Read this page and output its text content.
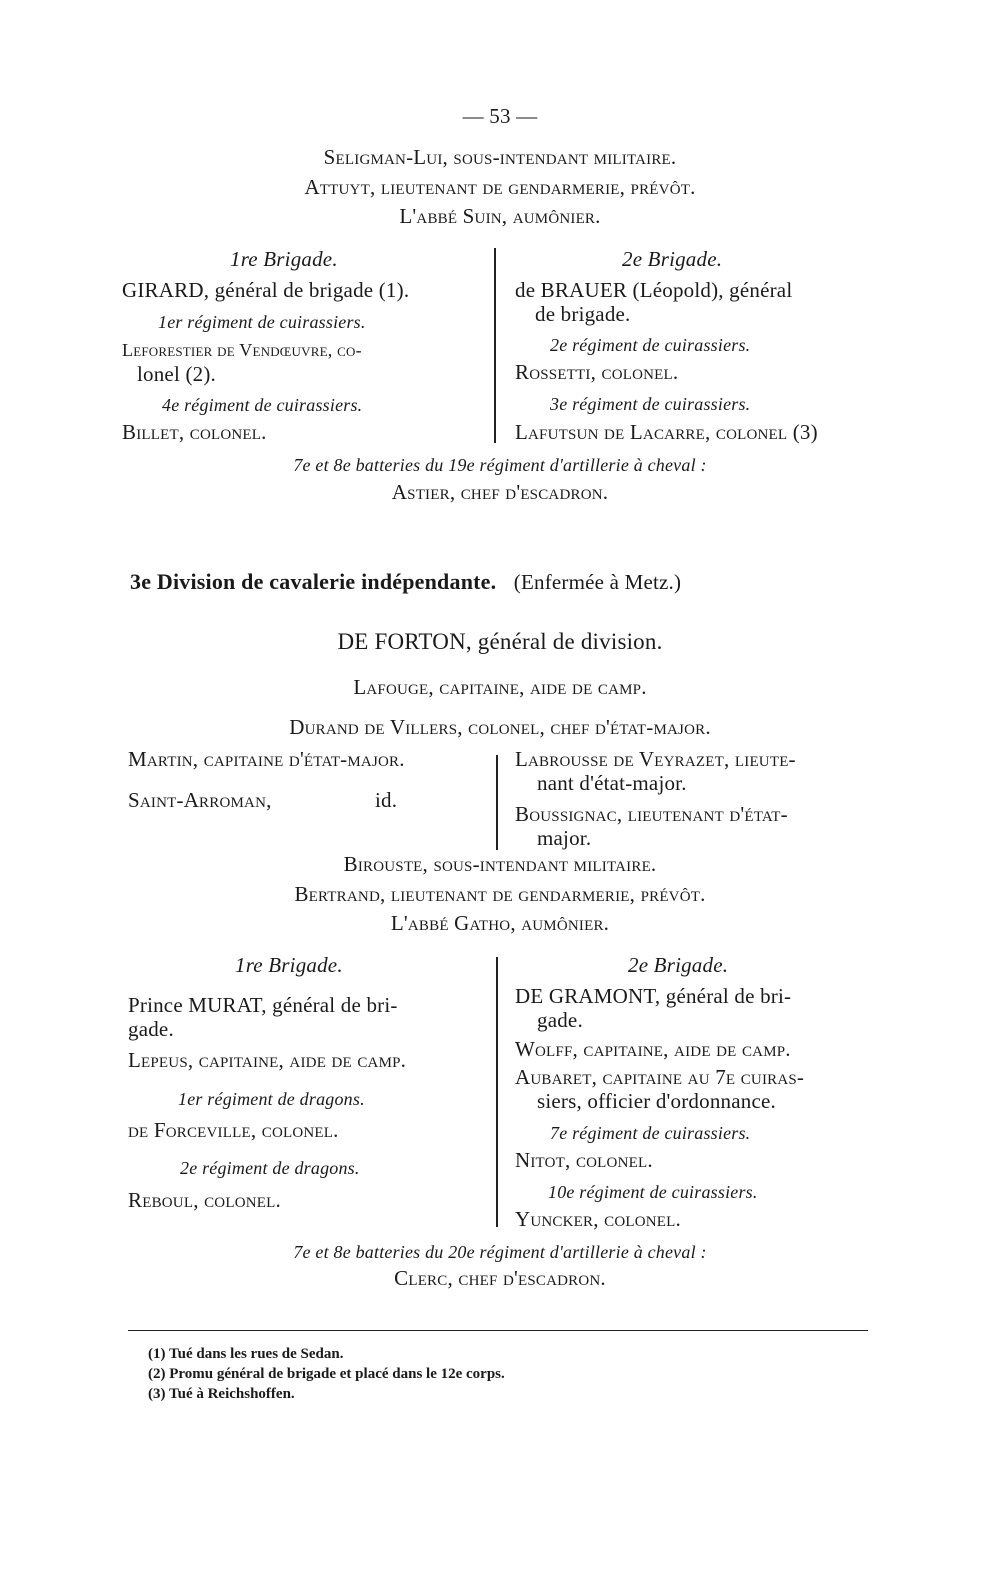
— 53 —
Seligman-Lui, sous-intendant militaire.
Attuyt, lieutenant de gendarmerie, prévôt.
L'abbé Suin, aumônier.
1re Brigade.
GIRARD, général de brigade (1).
1er régiment de cuirassiers.
Leforestier de Vendœuvre, co-
lonel (2).
4e régiment de cuirassiers.
Billet, colonel.
2e Brigade.
de BRAUER (Léopold), général
de brigade.
2e régiment de cuirassiers.
Rossetti, colonel.
3e régiment de cuirassiers.
Lafutsun de Lacarre, colonel (3)
7e et 8e batteries du 19e régiment d'artillerie à cheval :
Astier, chef d'escadron.
3e Division de cavalerie indépendante. (Enfermée à Metz.)
DE FORTON, général de division.
Lafouge, capitaine, aide de camp.
Durand de Villers, colonel, chef d'état-major.
Martin, capitaine d'état-major.
Saint-Arroman,	id.
Labrousse de Veyrazet, lieute-
nant d'état-major.
Boussignac, lieutenant d'état-
major.
Birouste, sous-intendant militaire.
Bertrand, lieutenant de gendarmerie, prévôt.
L'abbé Gatho, aumônier.
1re Brigade.
Prince MURAT, général de bri-
gade.
Lepeus, capitaine, aide de camp.
1er régiment de dragons.
de Forceville, colonel.
2e régiment de dragons.
Reboul, colonel.
2e Brigade.
DE GRAMONT, général de bri-
gade.
Wolff, capitaine, aide de camp.
Aubaret, capitaine au 7e cuiras-
siers, officier d'ordonnance.
7e régiment de cuirassiers.
Nitot, colonel.
10e régiment de cuirassiers.
Yuncker, colonel.
7e et 8e batteries du 20e régiment d'artillerie à cheval :
Clerc, chef d'escadron.
(1) Tué dans les rues de Sedan.
(2) Promu général de brigade et placé dans le 12e corps.
(3) Tué à Reichshoffen.
